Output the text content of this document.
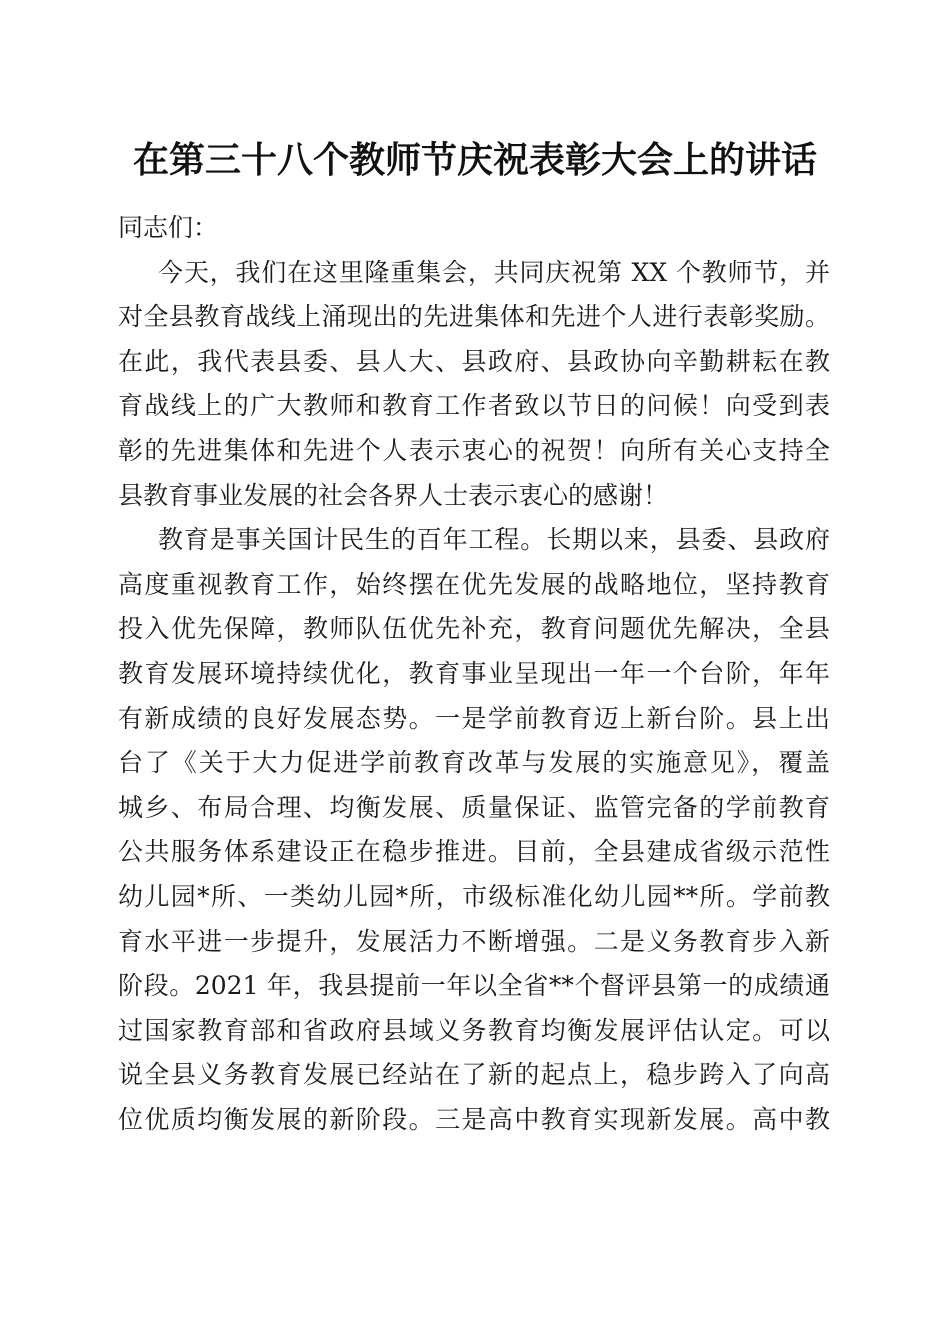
在第三十八个教师节庆祝表彰大会上的讲话
同志们：
今天，我们在这里隆重集会，共同庆祝第 XX 个教师节，并
对全县教育战线上涌现出的先进集体和先进个人进行表彰奖励。
在此，我代表县委、县人大、县政府、县政协向辛勤耕耘在教
育战线上的广大教师和教育工作者致以节日的问候！向受到表
彰的先进集体和先进个人表示衷心的祝贺！向所有关心支持全
县教育事业发展的社会各界人士表示衷心的感谢！
教育是事关国计民生的百年工程。长期以来，县委、县政府
高度重视教育工作，始终摆在优先发展的战略地位，坚持教育
投入优先保障，教师队伍优先补充，教育问题优先解决，全县
教育发展环境持续优化，教育事业呈现出一年一个台阶，年年
有新成绩的良好发展态势。一是学前教育迈上新台阶。县上出
台了《关于大力促进学前教育改革与发展的实施意见》，覆盖
城乡、布局合理、均衡发展、质量保证、监管完备的学前教育
公共服务体系建设正在稳步推进。目前，全县建成省级示范性
幼儿园*所、一类幼儿园*所，市级标准化幼儿园**所。学前教
育水平进一步提升，发展活力不断增强。二是义务教育步入新
阶段。2021 年，我县提前一年以全省**个督评县第一的成绩通
过国家教育部和省政府县域义务教育均衡发展评估认定。可以
说全县义务教育发展已经站在了新的起点上，稳步跨入了向高
位优质均衡发展的新阶段。三是高中教育实现新发展。高中教
